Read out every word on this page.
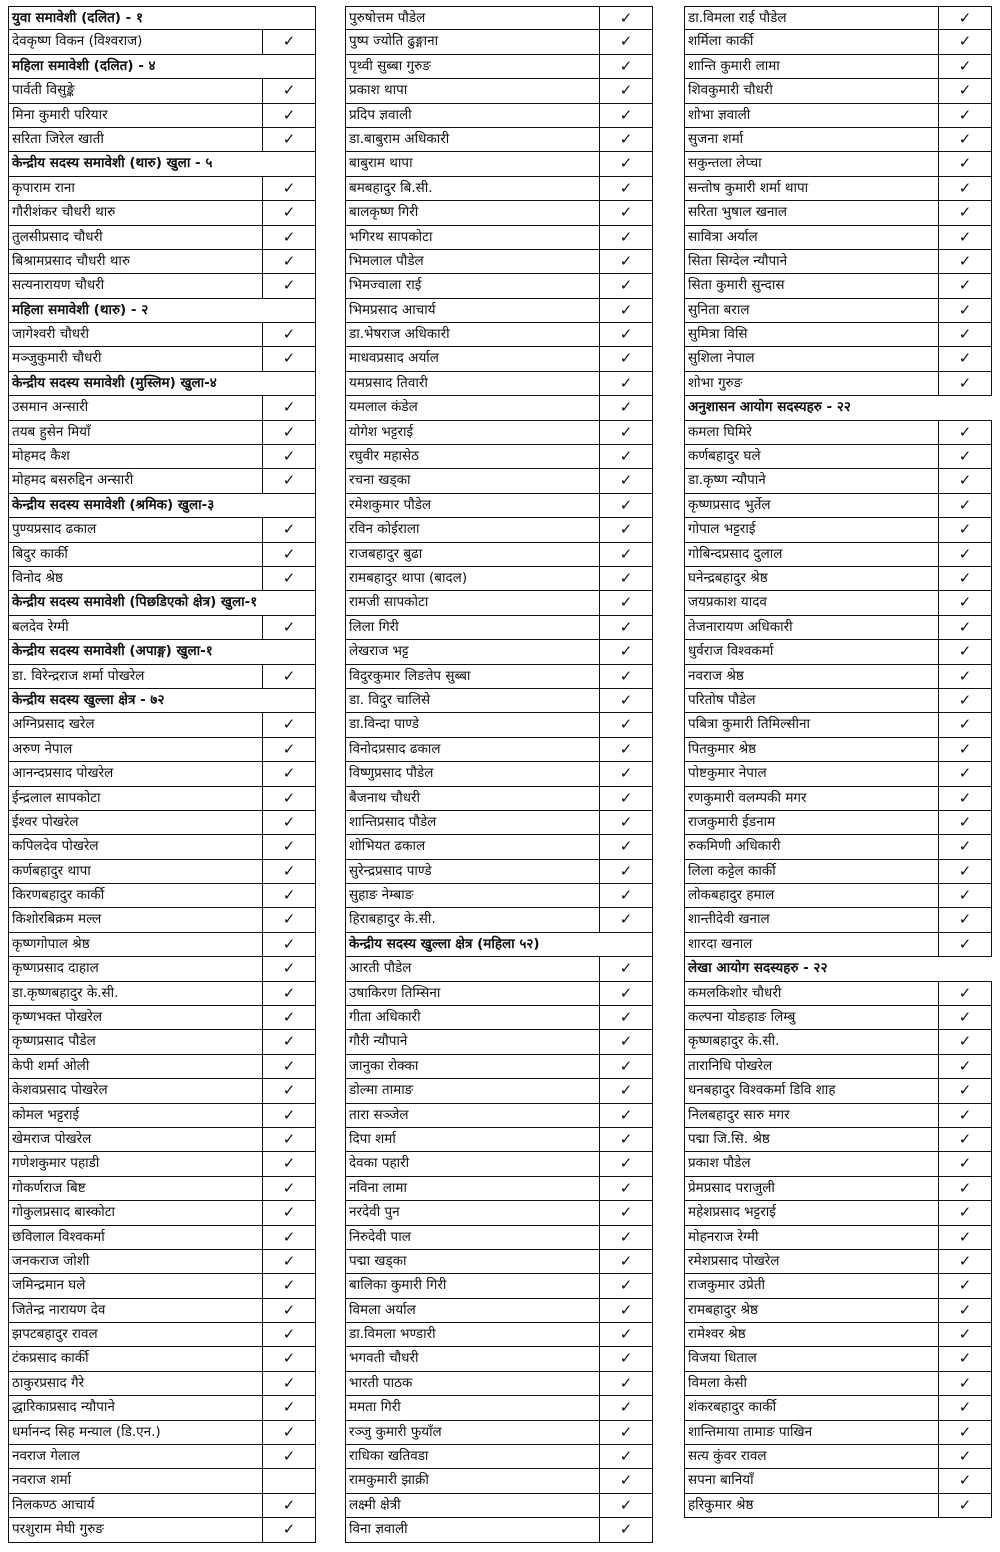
युवा समावेशी (दलित) - १
देवकृष्ण विकन (विश्वराज)	✓
महिला समावेशी (दलित) - ४
पार्वती विसुङ्के	✓
मिना कुमारी परियार	✓
सरिता जिरेल खाती	✓
केन्द्रीय सदस्य समावेशी (थारु) खुला - ५
कृपाराम राना	✓
गौरीशंकर चौधरी थारु	✓
तुलसीप्रसाद चौधरी	✓
बिश्रामप्रसाद चौधरी थारु	✓
सत्यनारायण चौधरी	✓
महिला समावेशी (थारु) - २
जागेश्वरी चौधरी	✓
मञ्जुकुमारी चौधरी	✓
केन्द्रीय सदस्य समावेशी (मुस्लिम) खुला-४
उसमान अन्सारी	✓
तयब हुसेन मियाँ	✓
मोहमद कैश	✓
मोहमद बसरुद्दिन अन्सारी	✓
केन्द्रीय सदस्य समावेशी (श्रमिक) खुला-३
पुण्यप्रसाद ढकाल	✓
बिदुर कार्की	✓
विनोद श्रेष्ठ	✓
केन्द्रीय सदस्य समावेशी (पिछडिएको क्षेत्र) खुला-१
बलदेव रेग्मी	✓
केन्द्रीय सदस्य समावेशी (अपाङ्ग) खुला-१
डा. विरेन्द्रराज शर्मा पोखरेल	✓
केन्द्रीय सदस्य खुल्ला क्षेत्र - ७२
अग्निप्रसाद खरेल	✓
अरुण नेपाल	✓
आनन्दप्रसाद पोखरेल	✓
ईन्द्रलाल सापकोटा	✓
ईश्वर पोखरेल	✓
कपिलदेव पोखरेल	✓
कर्णबहादुर थापा	✓
किरणबहादुर कार्की	✓
किशोरबिक्रम मल्ल	✓
कृष्णगोपाल श्रेष्ठ	✓
कृष्णप्रसाद दाहाल	✓
डा.कृष्णबहादुर के.सी.	✓
कृष्णभक्त पोखरेल	✓
कृष्णप्रसाद पौडेल	✓
केपी शर्मा ओली	✓
केशवप्रसाद पोखरेल	✓
कोमल भट्टराई	✓
खेमराज पोखरेल	✓
गणेशकुमार पहाडी	✓
गोकर्णराज बिष्ट	✓
गोकुलप्रसाद बास्कोटा	✓
छविलाल विश्वकर्मा	✓
जनकराज जोशी	✓
जमिन्द्रमान घले	✓
जितेन्द्र नारायण देव	✓
झपटबहादुर रावल	✓
टंकप्रसाद कार्की	✓
ठाकुरप्रसाद गैरे	✓
द्धारिकाप्रसाद न्यौपाने	✓
धर्मानन्द सिह मन्याल (डि.एन.)	✓
नवराज गेलाल	✓
नवराज शर्मा
निलकण्ठ आचार्य	✓
परशुराम मेघी गुरुङ	✓
पुरुषोत्तम पौडेल	✓
पुष्प ज्योति ढुङ्गाना	✓
पृथ्वी सुब्बा गुरुङ	✓
प्रकाश थापा	✓
प्रदिप ज्ञवाली	✓
डा.बाबुराम अधिकारी	✓
बाबुराम थापा	✓
बमबहादुर बि.सी.	✓
बालकृष्ण गिरी	✓
भगिरथ सापकोटा	✓
भिमलाल पौडेल	✓
भिमज्वाला राई	✓
भिमप्रसाद आचार्य	✓
डा.भेषराज अधिकारी	✓
माधवप्रसाद अर्याल	✓
यमप्रसाद तिवारी	✓
यमलाल कंडेल	✓
योगेश भट्टराई	✓
रघुवीर महासेठ	✓
रचना खड्का	✓
रमेशकुमार पौडेल	✓
रविन कोईराला	✓
राजबहादुर बुढा	✓
रामबहादुर थापा (बादल)	✓
रामजी सापकोटा	✓
लिला गिरी	✓
लेखराज भट्ट	✓
विदुरकुमार लिङतेप सुब्बा	✓
डा. विदुर चालिसे	✓
डा.विन्दा पाण्डे	✓
विनोदप्रसाद ढकाल	✓
विष्णुप्रसाद पौडेल	✓
बैजनाथ चौधरी	✓
शान्तिप्रसाद पौडेल	✓
शोभियत ढकाल	✓
सुरेन्द्रप्रसाद पाण्डे	✓
सुहाङ नेम्बाङ	✓
हिराबहादुर के.सी.	✓
केन्द्रीय सदस्य खुल्ला क्षेत्र (महिला ५२)
आरती पौडेल	✓
उषाकिरण तिम्सिना	✓
गीता अधिकारी	✓
गौरी न्यौपाने	✓
जानुका रोक्का	✓
डोल्मा तामाङ	✓
तारा सञ्जेल	✓
दिपा शर्मा	✓
देवका पहारी	✓
नविना लामा	✓
नरदेवी पुन	✓
निरुदेवी पाल	✓
पद्मा खड्का	✓
बालिका कुमारी गिरी	✓
विमला अर्याल	✓
डा.विमला भण्डारी	✓
भगवती चौधरी	✓
भारती पाठक	✓
ममता गिरी	✓
रञ्जु कुमारी फुयाँल	✓
राधिका खतिवडा	✓
रामकुमारी झाक्री	✓
लक्ष्मी क्षेत्री	✓
विना ज्ञवाली	✓
डा.विमला राई पौडेल	✓
शर्मिला कार्की	✓
शान्ति कुमारी लामा	✓
शिवकुमारी चौधरी	✓
शोभा ज्ञवाली	✓
सुजना शर्मा	✓
सकुन्तला लेप्चा	✓
सन्तोष कुमारी शर्मा थापा	✓
सरिता भुषाल खनाल	✓
सावित्रा अर्याल	✓
सिता सिग्देल न्यौपाने	✓
सिता कुमारी सुन्दास	✓
सुनिता बराल	✓
सुमित्रा विसि	✓
सुशिला नेपाल	✓
शोभा गुरुङ	✓
अनुशासन आयोग सदस्यहरु - २२
कमला घिमिरे	✓
कर्णबहादुर घले	✓
डा.कृष्ण न्यौपाने	✓
कृष्णप्रसाद भुर्तेल	✓
गोपाल भट्टराई	✓
गोबिन्दप्रसाद दुलाल	✓
घनेन्द्रबहादुर श्रेष्ठ	✓
जयप्रकाश यादव	✓
तेजनारायण अधिकारी	✓
धुर्वराज विश्वकर्मा	✓
नवराज श्रेष्ठ	✓
परितोष पौडेल	✓
पबित्रा कुमारी तिमिल्सीना	✓
पितकुमार श्रेष्ठ	✓
पोष्टकुमार नेपाल	✓
रणकुमारी वलम्पकी मगर	✓
राजकुमारी ईडनाम	✓
रुकमिणी अधिकारी	✓
लिला कट्टेल कार्की	✓
लोकबहादुर हमाल	✓
शान्तीदेवी खनाल	✓
शारदा खनाल	✓
लेखा आयोग सदस्यहरु - २२
कमलकिशोर चौधरी	✓
कल्पना योङहाङ लिम्बु	✓
कृष्णबहादुर के.सी.	✓
तारानिधि पोखरेल	✓
धनबहादुर विश्वकर्मा डिवि शाह	✓
निलबहादुर सारु मगर	✓
पद्मा जि.सि. श्रेष्ठ	✓
प्रकाश पौडेल	✓
प्रेमप्रसाद पराजुली	✓
महेशप्रसाद भट्टराई	✓
मोहनराज रेग्मी	✓
रमेशप्रसाद पोखरेल	✓
राजकुमार उप्रेती	✓
रामबहादुर श्रेष्ठ	✓
रामेश्वर श्रेष्ठ	✓
विजया धिताल	✓
विमला केसी	✓
शंकरबहादुर कार्की	✓
शान्तिमाया तामाङ पाखिन	✓
सत्य कुंवर रावल	✓
सपना बानियाँ	✓
हरिकुमार श्रेष्ठ	✓
